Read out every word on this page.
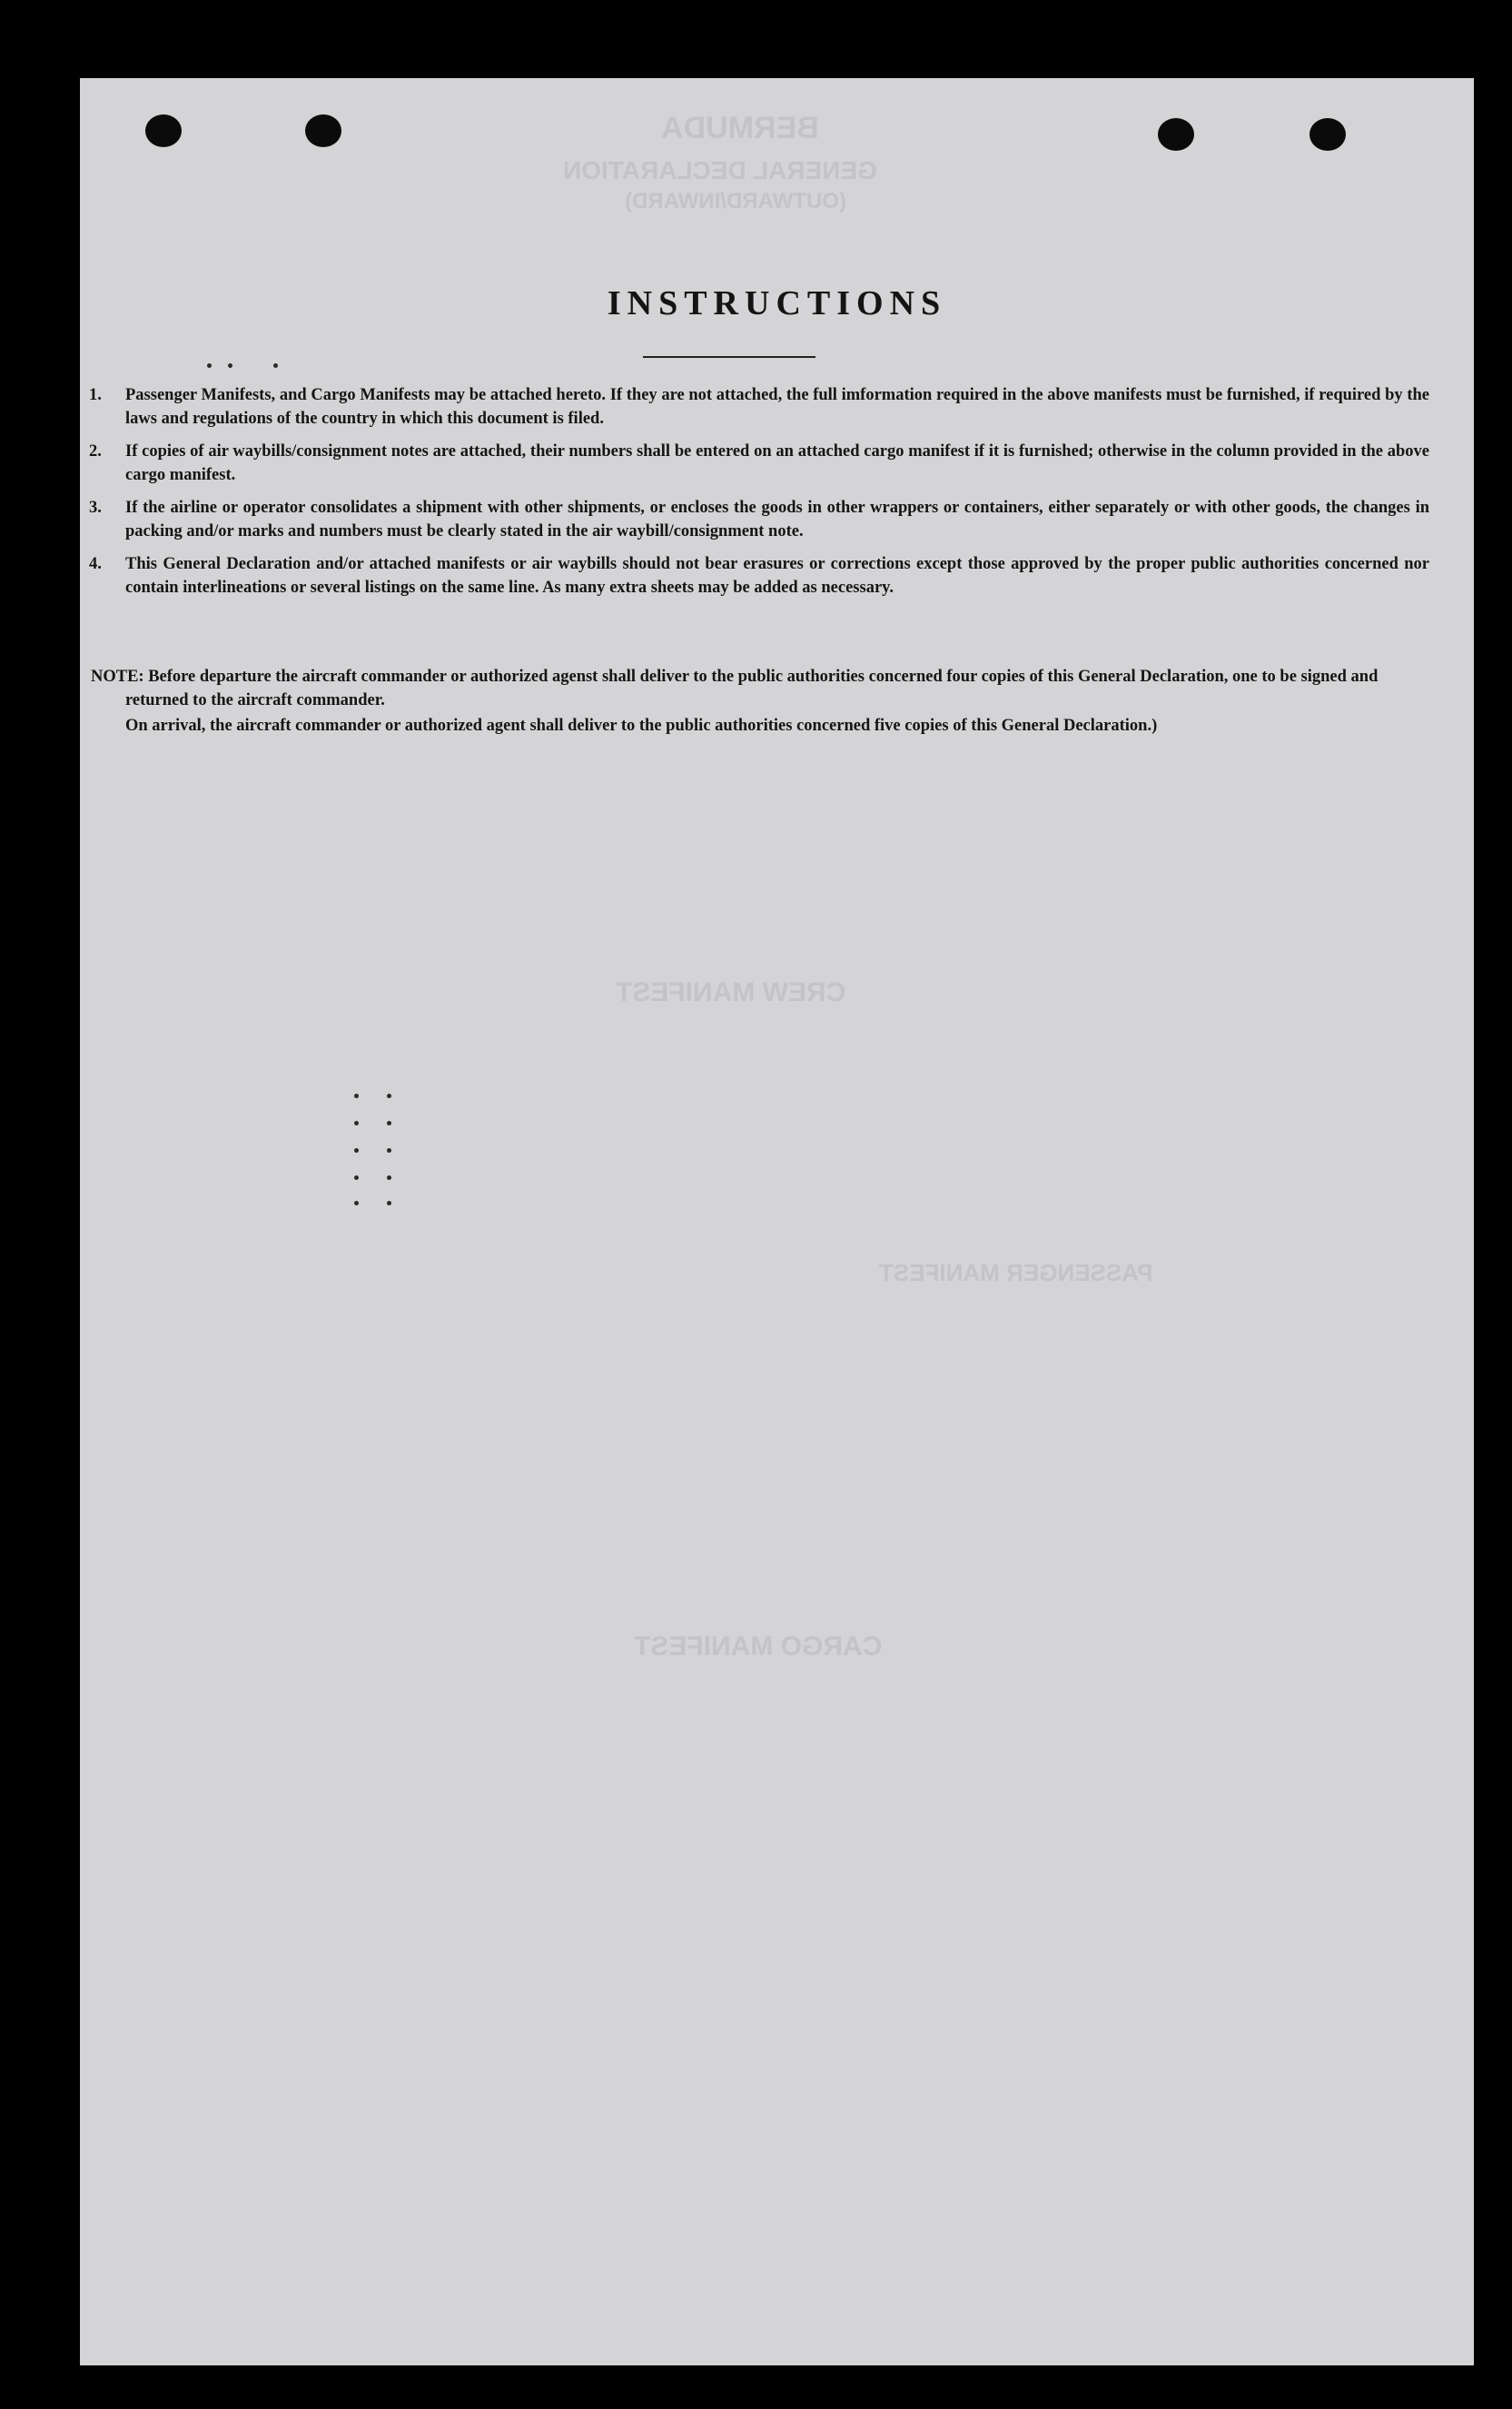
BERMUDA
GENERAL DECLARATION
(OUTWARD/INWARD)
CREW MANIFEST
PASSENGER MANIFEST
CARGO MANIFEST
INSTRUCTIONS
1. Passenger Manifests, and Cargo Manifests may be attached hereto. If they are not attached, the full imformation required in the above manifests must be furnished, if required by the laws and regulations of the country in which this document is filed.
2. If copies of air waybills/consignment notes are attached, their numbers shall be entered on an attached cargo manifest if it is furnished; otherwise in the column provided in the above cargo manifest.
3. If the airline or operator consolidates a shipment with other shipments, or encloses the goods in other wrappers or containers, either separately or with other goods, the changes in packing and/or marks and numbers must be clearly stated in the air waybill/consignment note.
4. This General Declaration and/or attached manifests or air waybills should not bear erasures or corrections except those approved by the proper public authorities concerned nor contain interlineations or several listings on the same line. As many extra sheets may be added as necessary.

NOTE: Before departure the aircraft commander or authorized agenst shall deliver to the public authorities concerned four copies of this General Declaration, one to be signed and returned to the aircraft commander.

On arrival, the aircraft commander or authorized agent shall deliver to the public authorities concerned five copies of this General Declaration.)
